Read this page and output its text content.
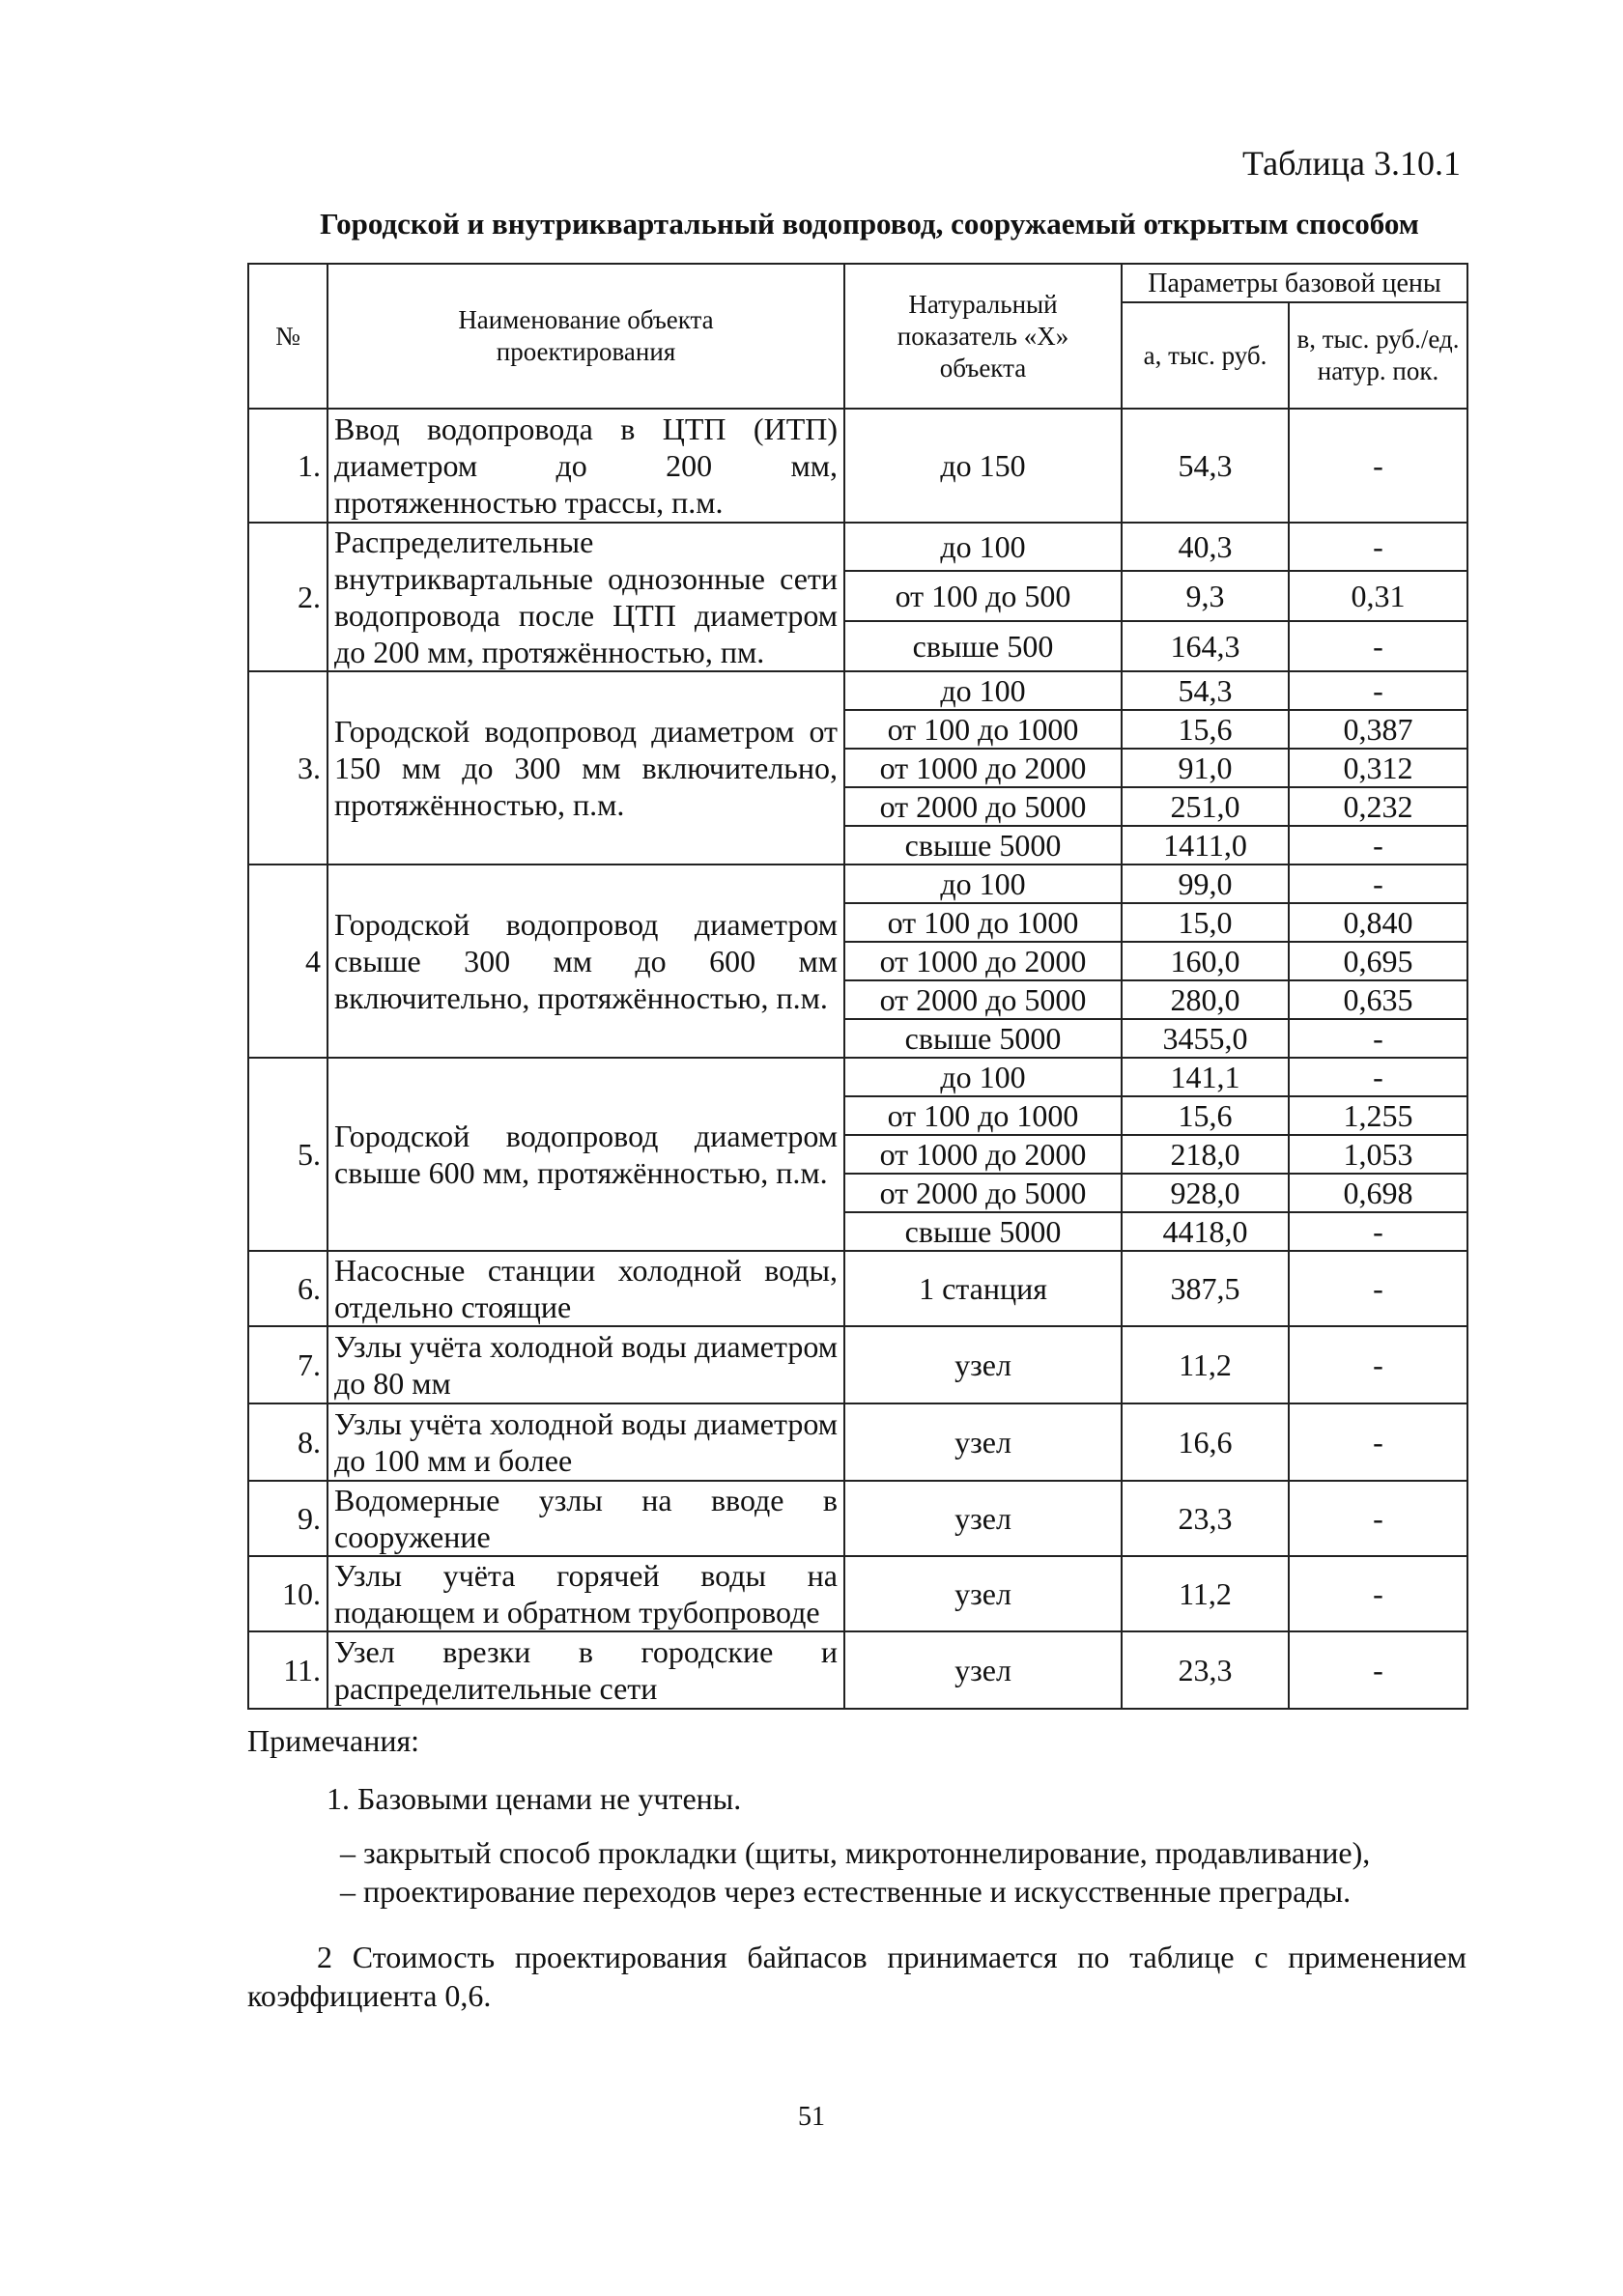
Таблица 3.10.1
Городской и внутриквартальный водопровод, сооружаемый открытым способом
№	Наименование объекта проектирования	Натуральный показатель «Х» объекта	Параметры базовой цены	
			а, тыс. руб.	в, тыс. руб./ед. натур. пок.
1.	Ввод водопровода в ЦТП (ИТП) диаметром до 200 мм, протяженностью трассы, п.м.	до 150	54,3	-
2.	Распределительные внутриквартальные однозонные сети водопровода после ЦТП диаметром до 200 мм, протяжённостью, пм.	до 100	40,3	-
		от 100 до 500	9,3	0,31
		свыше 500	164,3	-
3.	Городской водопровод диаметром от 150 мм до 300 мм включительно, протяжённостью, п.м.	до 100	54,3	-
		от 100 до 1000	15,6	0,387
		от 1000 до 2000	91,0	0,312
		от 2000 до 5000	251,0	0,232
		свыше 5000	1411,0	-
4	Городской водопровод диаметром свыше 300 мм до 600 мм включительно, протяжённостью, п.м.	до 100	99,0	-
		от 100 до 1000	15,0	0,840
		от 1000 до 2000	160,0	0,695
		от 2000 до 5000	280,0	0,635
		свыше 5000	3455,0	-
5.	Городской водопровод диаметром свыше 600 мм, протяжённостью, п.м.	до 100	141,1	-
		от 100 до 1000	15,6	1,255
		от 1000 до 2000	218,0	1,053
		от 2000 до 5000	928,0	0,698
		свыше 5000	4418,0	-
6.	Насосные станции холодной воды, отдельно стоящие	1 станция	387,5	-
7.	Узлы учёта холодной воды диаметром до 80 мм	узел	11,2	-
8.	Узлы учёта холодной воды диаметром до 100 мм и более	узел	16,6	-
9.	Водомерные узлы на вводе в сооружение	узел	23,3	-
10.	Узлы учёта горячей воды на подающем и обратном трубопроводе	узел	11,2	-
11.	Узел врезки в городские и распределительные сети	узел	23,3	-

Примечания:

1. Базовыми ценами не учтены.

– закрытый способ прокладки (щиты, микротоннелирование, продавливание),

– проектирование переходов через естественные и искусственные преграды.

2 Стоимость проектирования байпасов принимается по таблице с применением коэффициента 0,6.

51
